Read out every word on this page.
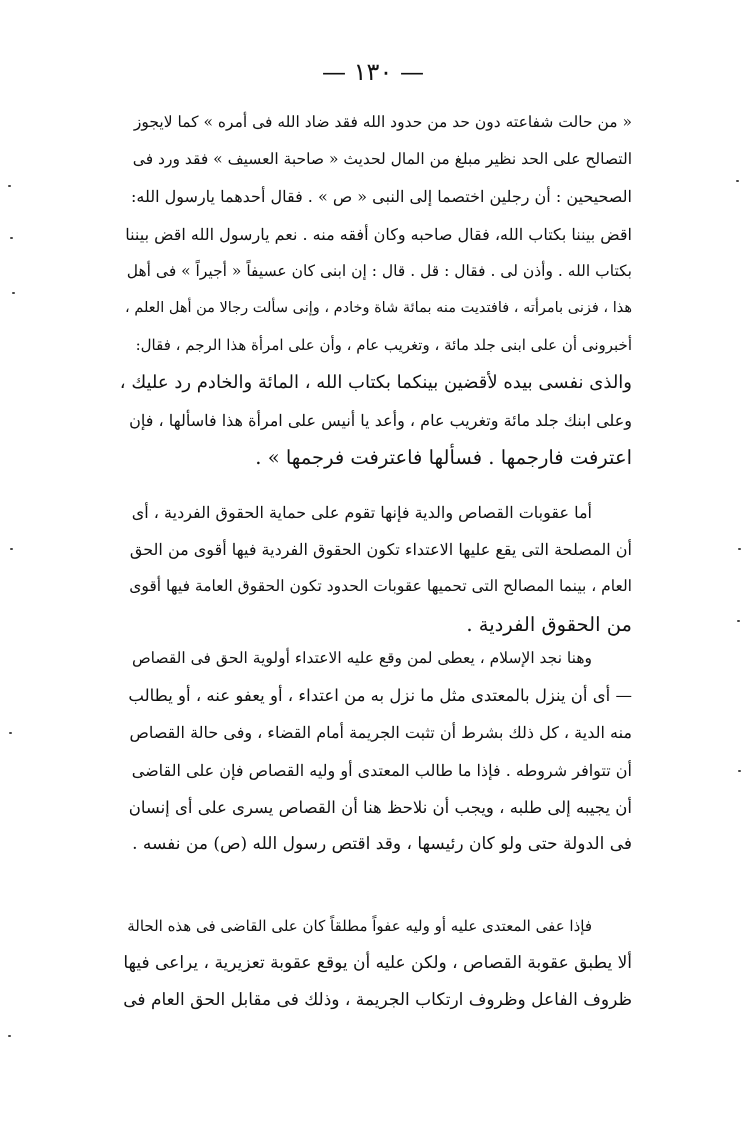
— ١٣٠ —
« من حالت شفاعته دون حد من حدود الله فقد ضاد الله فى أمره » كما لايجوز
التصالح على الحد نظير مبلغ من المال لحديث « صاحبة العسيف » فقد ورد فى
الصحيحين : أن رجلين اختصما إلى النبى « ص » . فقال أحدهما يارسول الله:
اقض بيننا بكتاب الله، فقال صاحبه وكان أفقه منه . نعم يارسول الله اقض بيننا
بكتاب الله . وأذن لى . فقال : قل . قال : إن ابنى كان عسيفاً « أجيراً » فى أهل
هذا ، فزنى بامرأته ، فافتديت منه بمائة شاة وخادم ، وإنى سألت رجالا من أهل العلم ،
أخبرونى أن على ابنى جلد مائة ، وتغريب عام ، وأن على امرأة هذا الرجم ، فقال:
والذى نفسى بيده لأقضين بينكما بكتاب الله ، المائة والخادم رد عليك ،
وعلى ابنك جلد مائة وتغريب عام ، وأعد يا أنيس على امرأة هذا فاسألها ، فإن
اعترفت فارجمها . فسألها فاعترفت فرجمها » .
أما عقوبات القصاص والدية فإنها تقوم على حماية الحقوق الفردية ، أى
أن المصلحة التى يقع عليها الاعتداء تكون الحقوق الفردية فيها أقوى من الحق
العام ، بينما المصالح التى تحميها عقوبات الحدود تكون الحقوق العامة فيها أقوى
من الحقوق الفردية .
وهنا نجد الإسلام ، يعطى لمن وقع عليه الاعتداء أولوية الحق فى القصاص
— أى أن ينزل بالمعتدى مثل ما نزل به من اعتداء ، أو يعفو عنه ، أو يطالب
منه الدية ، كل ذلك بشرط أن تثبت الجريمة أمام القضاء ، وفى حالة القصاص
أن تتوافر شروطه . فإذا ما طالب المعتدى أو وليه القصاص فإن على القاضى
أن يجيبه إلى طلبه ، ويجب أن نلاحظ هنا أن القصاص يسرى على أى إنسان
فى الدولة حتى ولو كان رئيسها ، وقد اقتص رسول الله (ص) من نفسه .
فإذا عفى المعتدى عليه أو وليه عفواً مطلقاً كان على القاضى فى هذه الحالة
ألا يطبق عقوبة القصاص ، ولكن عليه أن يوقع عقوبة تعزيرية ، يراعى فيها
ظروف الفاعل وظروف ارتكاب الجريمة ، وذلك فى مقابل الحق العام فى
